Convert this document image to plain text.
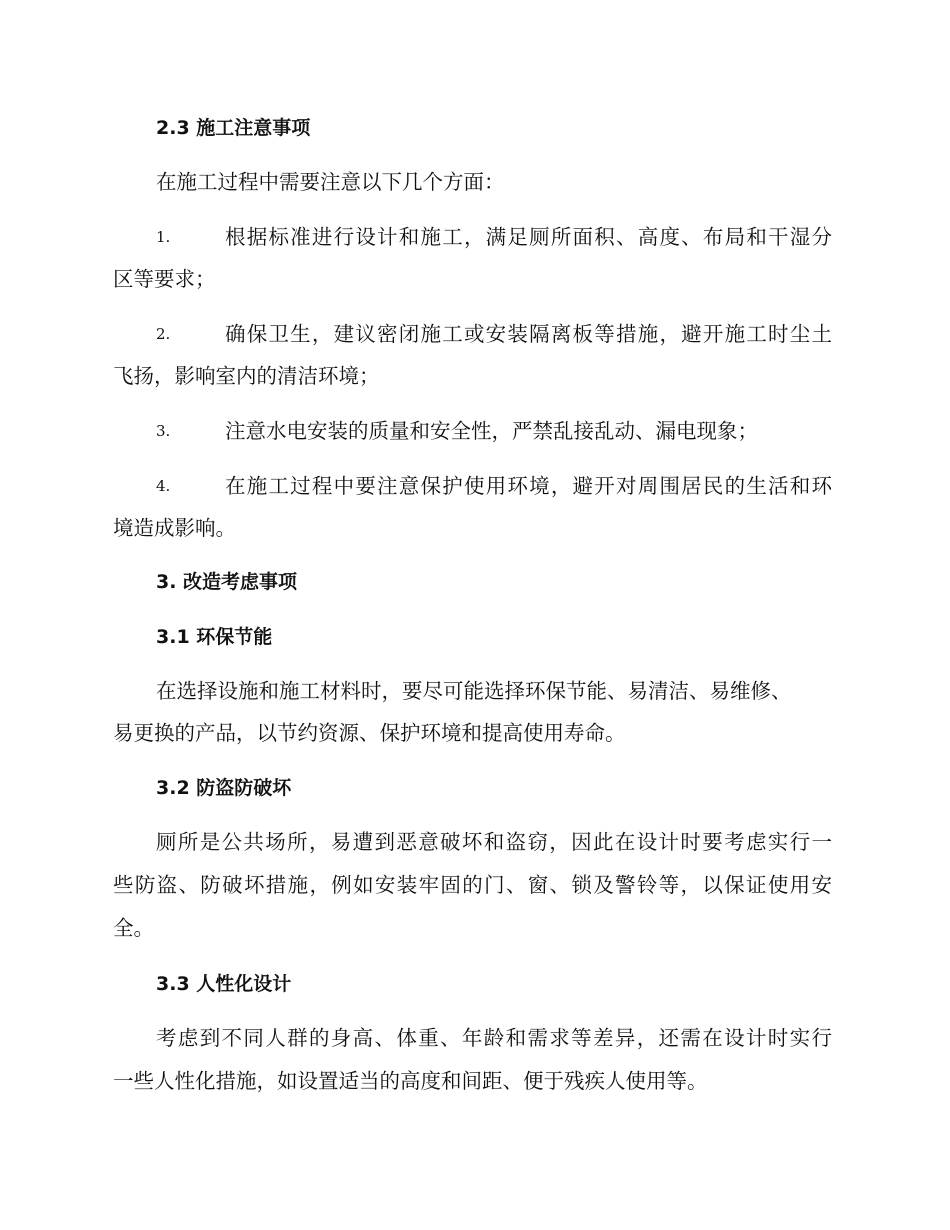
2.3 施工注意事项
在施工过程中需要注意以下几个方面：
1.	根据标准进行设计和施工，满足厕所面积、高度、布局和干湿分
区等要求；
2.	确保卫生，建议密闭施工或安装隔离板等措施，避开施工时尘土
飞扬，影响室内的清洁环境；
3.	注意水电安装的质量和安全性，严禁乱接乱动、漏电现象；
4.	在施工过程中要注意保护使用环境，避开对周围居民的生活和环
境造成影响。
3. 改造考虑事项
3.1 环保节能
在选择设施和施工材料时，要尽可能选择环保节能、易清洁、易维修、
易更换的产品，以节约资源、保护环境和提高使用寿命。
3.2 防盗防破坏
厕所是公共场所，易遭到恶意破坏和盗窃，因此在设计时要考虑实行一
些防盗、防破坏措施，例如安装牢固的门、窗、锁及警铃等，以保证使用安
全。
3.3 人性化设计
考虑到不同人群的身高、体重、年龄和需求等差异，还需在设计时实行
一些人性化措施，如设置适当的高度和间距、便于残疾人使用等。
